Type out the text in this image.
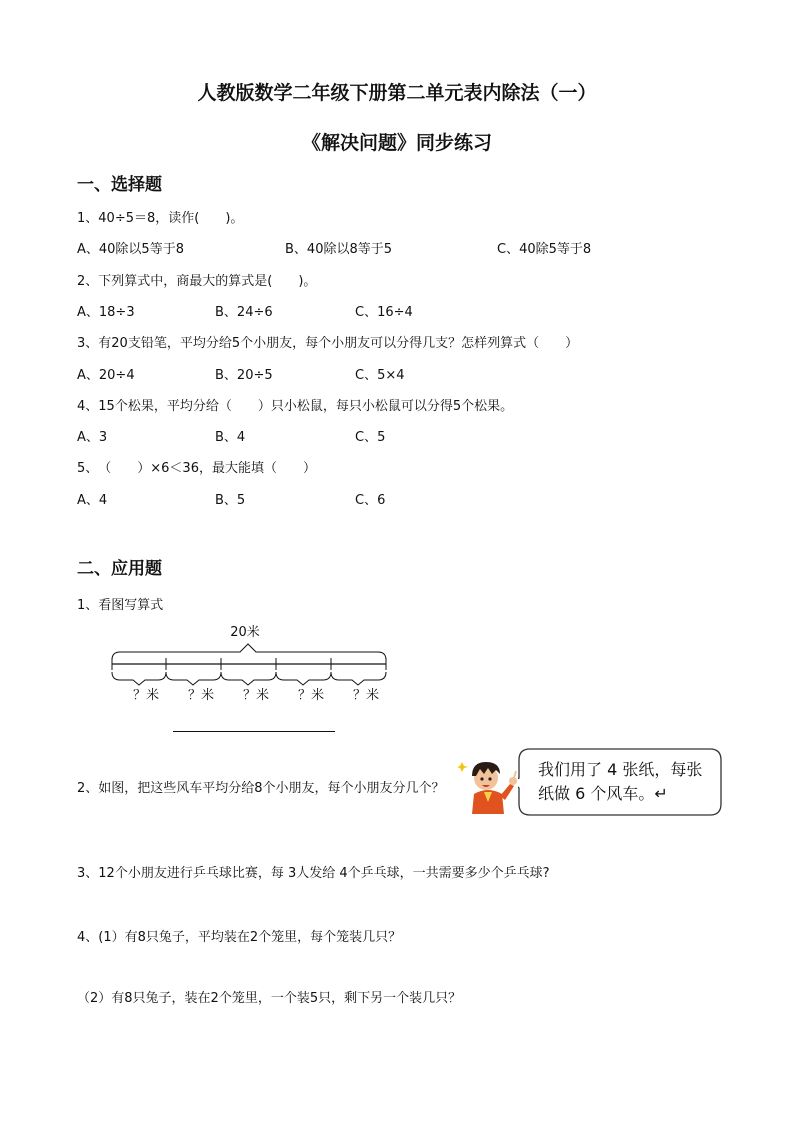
人教版数学二年级下册第二单元表内除法（一）
《解决问题》同步练习
一、选择题
1、40÷5＝8，读作(　　)。
A、40除以5等于8	B、40除以8等于5	C、40除5等于8
2、下列算式中，商最大的算式是(　　)。
A、18÷3	B、24÷6	C、16÷4
3、有20支铅笔，平均分给5个小朋友，每个小朋友可以分得几支？怎样列算式（　　）
A、20÷4	B、20÷5	C、5×4
4、15个松果，平均分给（　　）只小松鼠，每只小松鼠可以分得5个松果。
A、3	B、4	C、5
5、　（　　）×6＜36，最大能填（　　）
A、4	B、5	C、6
二、应用题
1、看图写算式
20米
？米 ？米 ？米 ？米 ？米
2、如图，把这些风车平均分给8个小朋友，每个小朋友分几个？
我们用了 4 张纸，每张纸做 6 个风车。↵
3、12个小朋友进行乒乓球比赛，每 3人发给 4个乒乓球，一共需要多少个乒乓球?
4、(1）有8只兔子，平均装在2个笼里，每个笼装几只？
（2）有8只兔子，装在2个笼里，一个装5只，剩下另一个装几只？
